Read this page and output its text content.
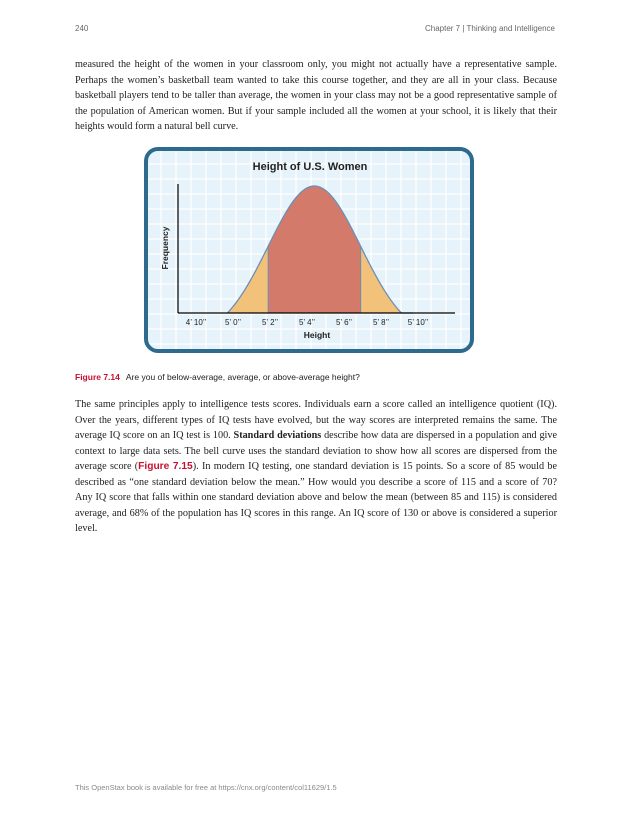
240	Chapter 7 | Thinking and Intelligence

measured the height of the women in your classroom only, you might not actually have a representative sample. Perhaps the women’s basketball team wanted to take this course together, and they are all in your class. Because basketball players tend to be taller than average, the women in your class may not be a good representative sample of the population of American women. But if your sample included all the women at your school, it is likely that their heights would form a natural bell curve.

Height of U.S. Women
Frequency
Height
4’ 10’’ 5’ 0’’	5’ 2’’	5’ 4’’	5’ 6’’	5’ 8’’ 5’ 10’’
Figure 7.14 Are you of below-average, average, or above-average height?

The same principles apply to intelligence tests scores. Individuals earn a score called an intelligence quotient (IQ). Over the years, different types of IQ tests have evolved, but the way scores are interpreted remains the same. The average IQ score on an IQ test is 100. Standard deviations describe how data are dispersed in a population and give context to large data sets. The bell curve uses the standard deviation to show how all scores are dispersed from the average score (Figure 7.15). In modern IQ testing, one standard deviation is 15 points. So a score of 85 would be described as “one standard deviation below the mean.” How would you describe a score of 115 and a score of 70? Any IQ score that falls within one standard deviation above and below the mean (between 85 and 115) is considered average, and 68% of the population has IQ scores in this range. An IQ score of 130 or above is considered a superior level.

This OpenStax book is available for free at https://cnx.org/content/col11629/1.5
